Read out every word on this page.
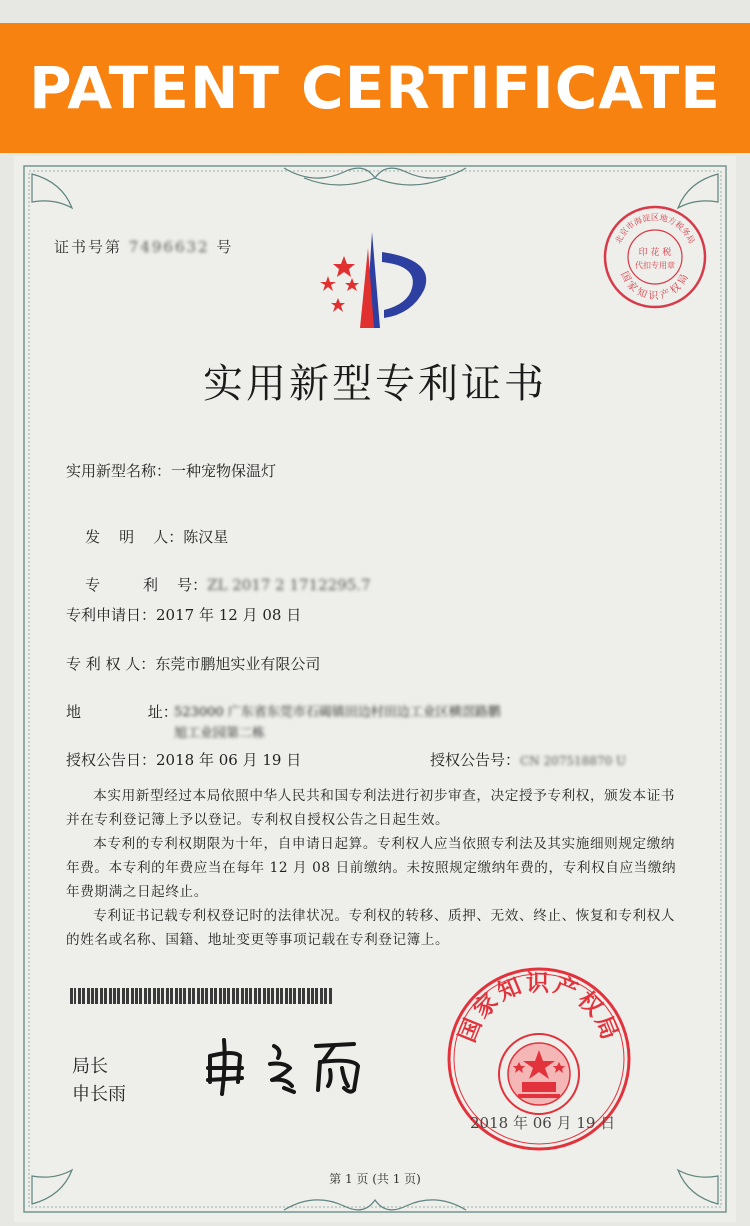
PATENT CERTIFICATE
证书号第 7496632 号	北京市海淀区地方税务局
印 花 税
代扣专用章
国家知识产权局
实用新型专利证书
实用新型名称：一种宠物保温灯

发    明    人：陈汉星

专         利    号：ZL 2017 2 1712295.7

专利申请日：2017 年 12 月 08 日
专 利 权 人：东莞市鹏旭实业有限公司
地              址：
523000 广东省东莞市石碣镇田边村田边工业区横滘路鹏
旭工业园第二栋
授权公告日：2018 年 06 月 19 日	授权公告号：CN 207518870 U
本实用新型经过本局依照中华人民共和国专利法进行初步审查，决定授予专利权，颁发本证书并在专利登记簿上予以登记。专利权自授权公告之日起生效。
本专利的专利权期限为十年，自申请日起算。专利权人应当依照专利法及其实施细则规定缴纳年费。本专利的年费应当在每年 12 月 08 日前缴纳。未按照规定缴纳年费的，专利权自应当缴纳年费期满之日起终止。
专利证书记载专利权登记时的法律状况。专利权的转移、质押、无效、终止、恢复和专利权人的姓名或名称、国籍、地址变更等事项记载在专利登记簿上。
局长
申长雨
国家知识产权局
2018 年 06 月 19 日
第 1 页 (共 1 页)
